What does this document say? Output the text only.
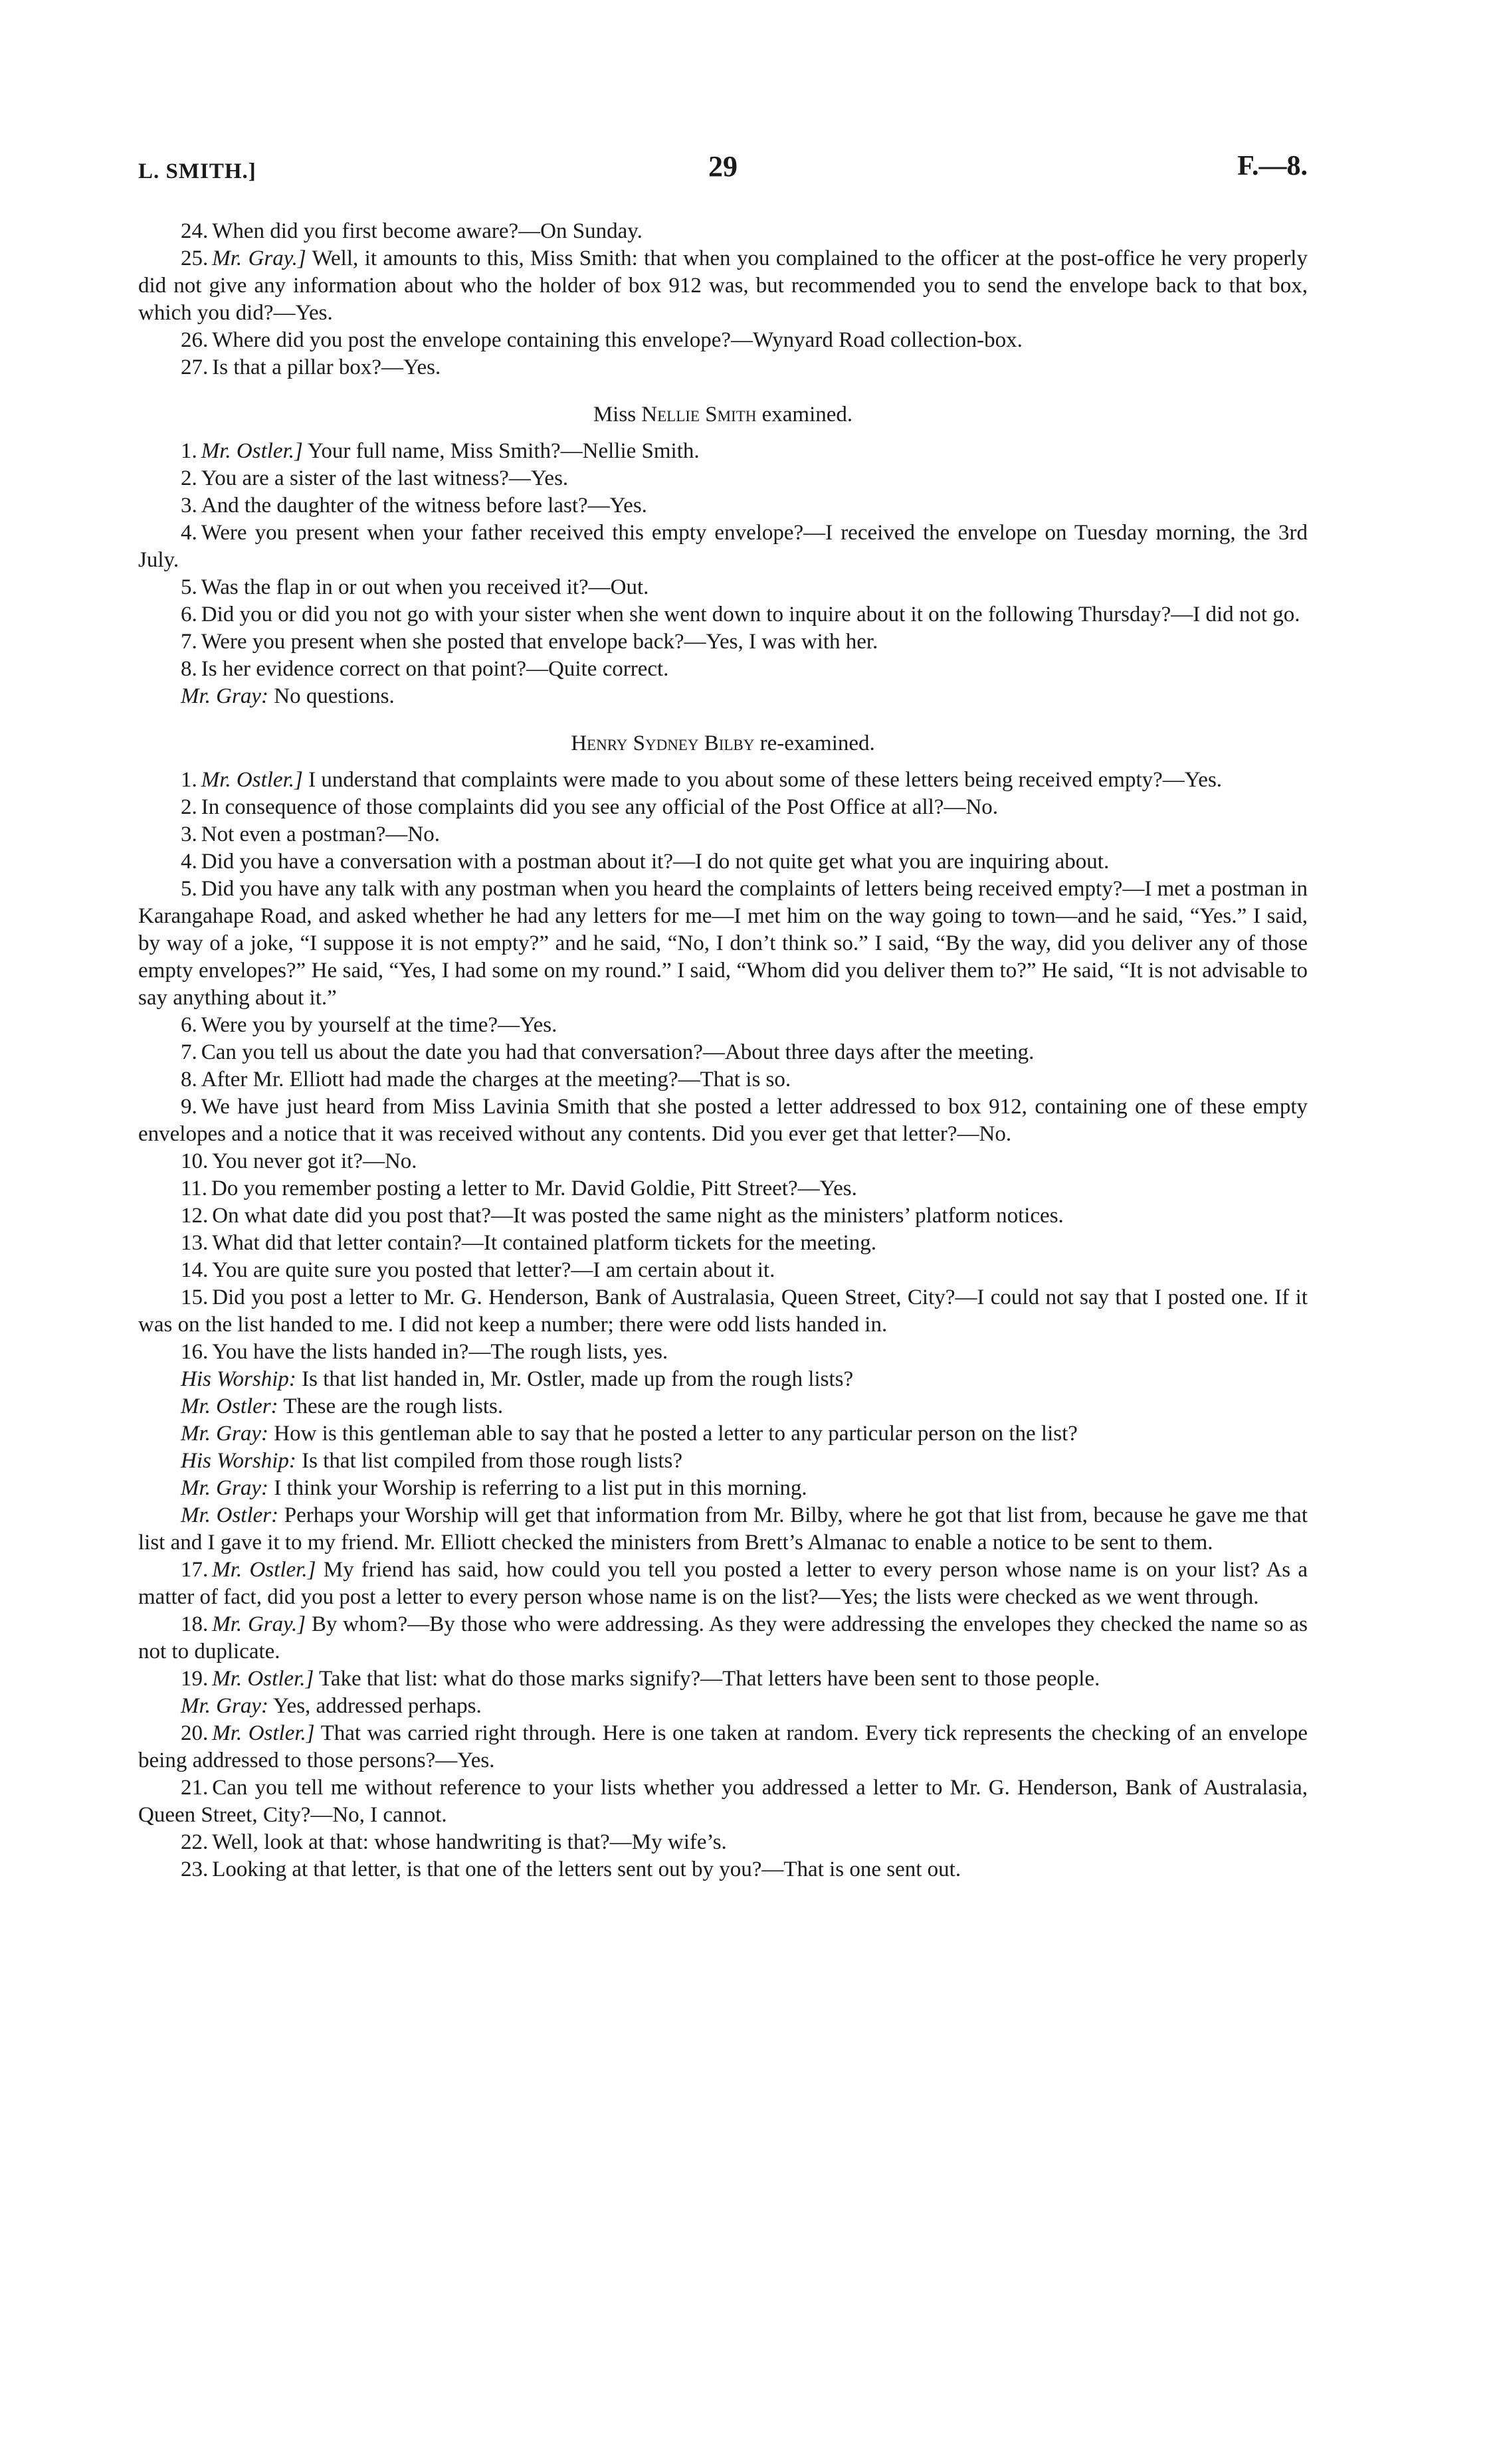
L. SMITH.]	29	F.—8.

24. When did you first become aware?—On Sunday.

25. Mr. Gray.] Well, it amounts to this, Miss Smith: that when you complained to the officer at the post-office he very properly did not give any information about who the holder of box 912 was, but recommended you to send the envelope back to that box, which you did?—Yes.

26. Where did you post the envelope containing this envelope?—Wynyard Road collection-box.

27. Is that a pillar box?—Yes.

Miss Nellie Smith examined.

1. Mr. Ostler.] Your full name, Miss Smith?—Nellie Smith.

2. You are a sister of the last witness?—Yes.

3. And the daughter of the witness before last?—Yes.

4. Were you present when your father received this empty envelope?—I received the envelope on Tuesday morning, the 3rd July.

5. Was the flap in or out when you received it?—Out.

6. Did you or did you not go with your sister when she went down to inquire about it on the following Thursday?—I did not go.

7. Were you present when she posted that envelope back?—Yes, I was with her.

8. Is her evidence correct on that point?—Quite correct.

Mr. Gray: No questions.

Henry Sydney Bilby re-examined.

1. Mr. Ostler.] I understand that complaints were made to you about some of these letters being received empty?—Yes.

2. In consequence of those complaints did you see any official of the Post Office at all?—No.

3. Not even a postman?—No.

4. Did you have a conversation with a postman about it?—I do not quite get what you are inquiring about.

5. Did you have any talk with any postman when you heard the complaints of letters being received empty?—I met a postman in Karangahape Road, and asked whether he had any letters for me—I met him on the way going to town—and he said, “Yes.” I said, by way of a joke, “I suppose it is not empty?” and he said, “No, I don’t think so.” I said, “By the way, did you deliver any of those empty envelopes?” He said, “Yes, I had some on my round.” I said, “Whom did you deliver them to?” He said, “It is not advisable to say anything about it.”

6. Were you by yourself at the time?—Yes.

7. Can you tell us about the date you had that conversation?—About three days after the meeting.

8. After Mr. Elliott had made the charges at the meeting?—That is so.

9. We have just heard from Miss Lavinia Smith that she posted a letter addressed to box 912, containing one of these empty envelopes and a notice that it was received without any contents. Did you ever get that letter?—No.

10. You never got it?—No.

11. Do you remember posting a letter to Mr. David Goldie, Pitt Street?—Yes.

12. On what date did you post that?—It was posted the same night as the ministers’ platform notices.

13. What did that letter contain?—It contained platform tickets for the meeting.

14. You are quite sure you posted that letter?—I am certain about it.

15. Did you post a letter to Mr. G. Henderson, Bank of Australasia, Queen Street, City?—I could not say that I posted one. If it was on the list handed to me. I did not keep a number; there were odd lists handed in.

16. You have the lists handed in?—The rough lists, yes.

His Worship: Is that list handed in, Mr. Ostler, made up from the rough lists?

Mr. Ostler: These are the rough lists.

Mr. Gray: How is this gentleman able to say that he posted a letter to any particular person on the list?

His Worship: Is that list compiled from those rough lists?

Mr. Gray: I think your Worship is referring to a list put in this morning.

Mr. Ostler: Perhaps your Worship will get that information from Mr. Bilby, where he got that list from, because he gave me that list and I gave it to my friend. Mr. Elliott checked the ministers from Brett’s Almanac to enable a notice to be sent to them.

17. Mr. Ostler.] My friend has said, how could you tell you posted a letter to every person whose name is on your list? As a matter of fact, did you post a letter to every person whose name is on the list?—Yes; the lists were checked as we went through.

18. Mr. Gray.] By whom?—By those who were addressing. As they were addressing the envelopes they checked the name so as not to duplicate.

19. Mr. Ostler.] Take that list: what do those marks signify?—That letters have been sent to those people.

Mr. Gray: Yes, addressed perhaps.

20. Mr. Ostler.] That was carried right through. Here is one taken at random. Every tick represents the checking of an envelope being addressed to those persons?—Yes.

21. Can you tell me without reference to your lists whether you addressed a letter to Mr. G. Henderson, Bank of Australasia, Queen Street, City?—No, I cannot.

22. Well, look at that: whose handwriting is that?—My wife’s.

23. Looking at that letter, is that one of the letters sent out by you?—That is one sent out.
